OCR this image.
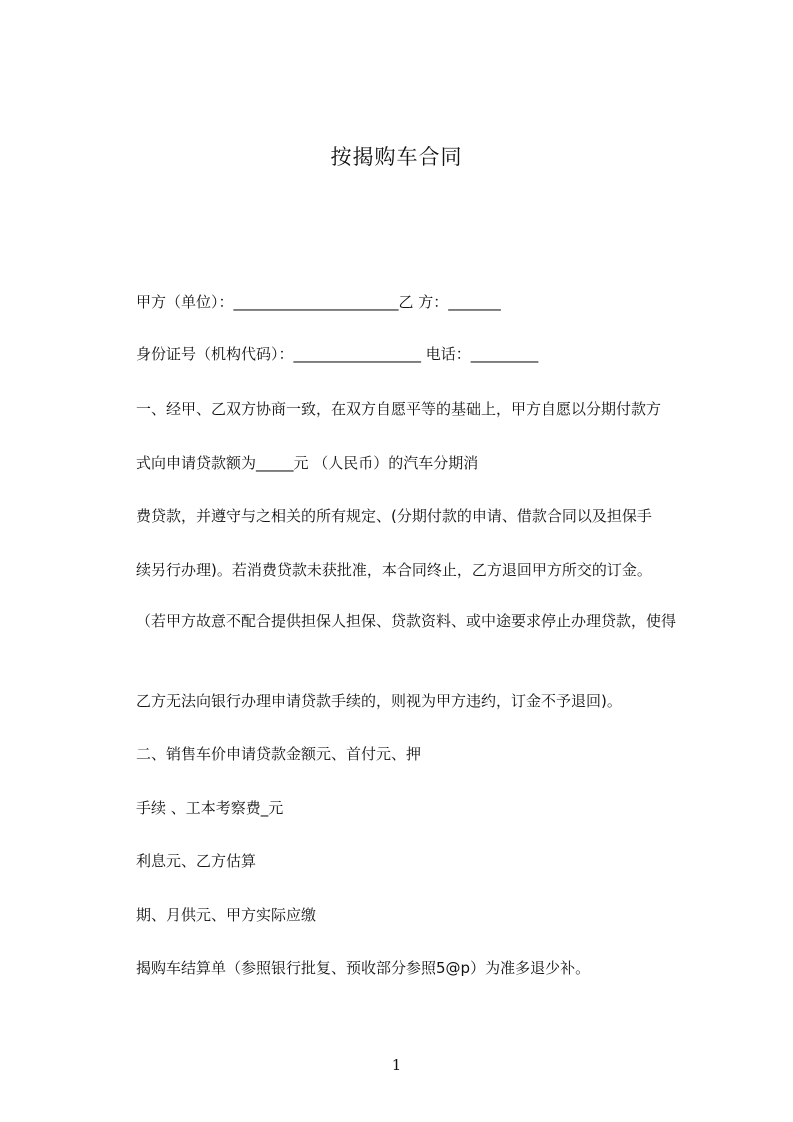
按揭购车合同
甲方（单位）：______________________乙 方：_______
身份证号（机构代码）：_________________ 电话：_________
一、经甲、乙双方协商一致，在双方自愿平等的基础上，甲方自愿以分期付款方
式向申请贷款额为_____元 （人民币）的汽车分期消
费贷款，并遵守与之相关的所有规定、(分期付款的申请、借款合同以及担保手
续另行办理)。若消费贷款未获批准，本合同终止，乙方退回甲方所交的订金。
（若甲方故意不配合提供担保人担保、贷款资料、或中途要求停止办理贷款，使得
乙方无法向银行办理申请贷款手续的，则视为甲方违约，订金不予退回)。
二、销售车价申请贷款金额元、首付元、押
手续 、工本考察费_元
利息元、乙方估算
期、月供元、甲方实际应缴
揭购车结算单（参照银行批复、预收部分参照5@p）为准多退少补。
1
